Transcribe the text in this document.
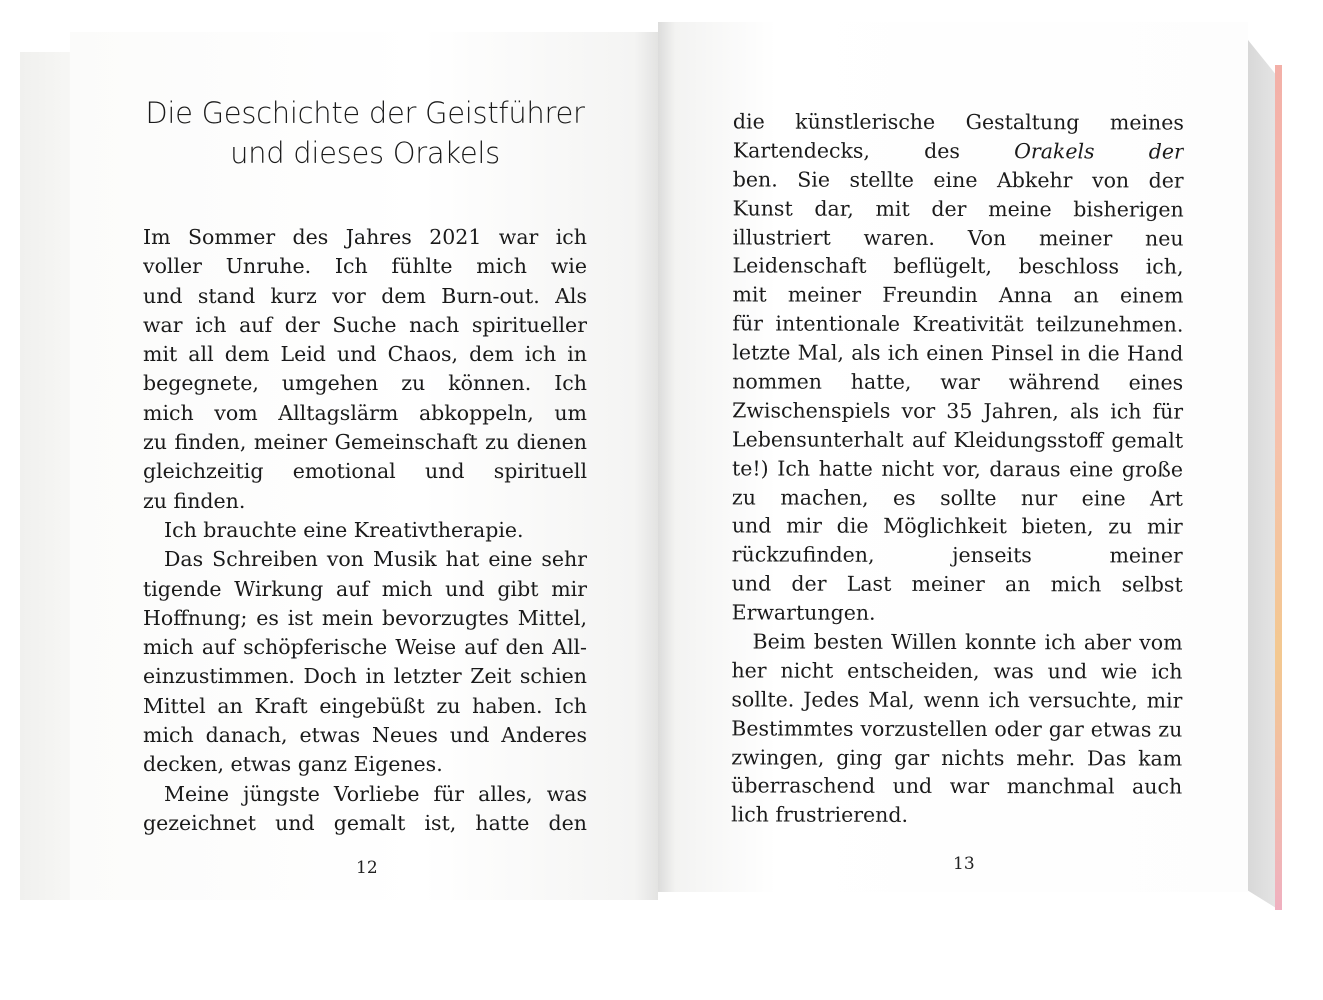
Die Geschichte der Geistführer
und dieses Orakels
Im Sommer des Jahres 2021 war ich
voller Unruhe. Ich fühlte mich wie
und stand kurz vor dem Burn-out. Als
war ich auf der Suche nach spiritueller
mit all dem Leid und Chaos, dem ich in
begegnete, umgehen zu können. Ich
mich vom Alltagslärm abkoppeln, um
zu finden, meiner Gemeinschaft zu dienen
gleichzeitig emotional und spirituell
zu finden.
Ich brauchte eine Kreativtherapie.
Das Schreiben von Musik hat eine sehr
tigende Wirkung auf mich und gibt mir
Hoffnung; es ist mein bevorzugtes Mittel,
mich auf schöpferische Weise auf den All-
einzustimmen. Doch in letzter Zeit schien
Mittel an Kraft eingebüßt zu haben. Ich
mich danach, etwas Neues und Anderes
decken, etwas ganz Eigenes.
Meine jüngste Vorliebe für alles, was
gezeichnet und gemalt ist, hatte den
die künstlerische Gestaltung meines
Kartendecks, des Orakels der
ben. Sie stellte eine Abkehr von der
Kunst dar, mit der meine bisherigen
illustriert waren. Von meiner neu
Leidenschaft beflügelt, beschloss ich,
mit meiner Freundin Anna an einem
für intentionale Kreativität teilzunehmen.
letzte Mal, als ich einen Pinsel in die Hand
nommen hatte, war während eines
Zwischenspiels vor 35 Jahren, als ich für
Lebensunterhalt auf Kleidungsstoff gemalt
te!) Ich hatte nicht vor, daraus eine große
zu machen, es sollte nur eine Art
und mir die Möglichkeit bieten, zu mir
rückzufinden, jenseits meiner
und der Last meiner an mich selbst
Erwartungen.
Beim besten Willen konnte ich aber vom
her nicht entscheiden, was und wie ich
sollte. Jedes Mal, wenn ich versuchte, mir
Bestimmtes vorzustellen oder gar etwas zu
zwingen, ging gar nichts mehr. Das kam
überraschend und war manchmal auch
lich frustrierend.
12	13
